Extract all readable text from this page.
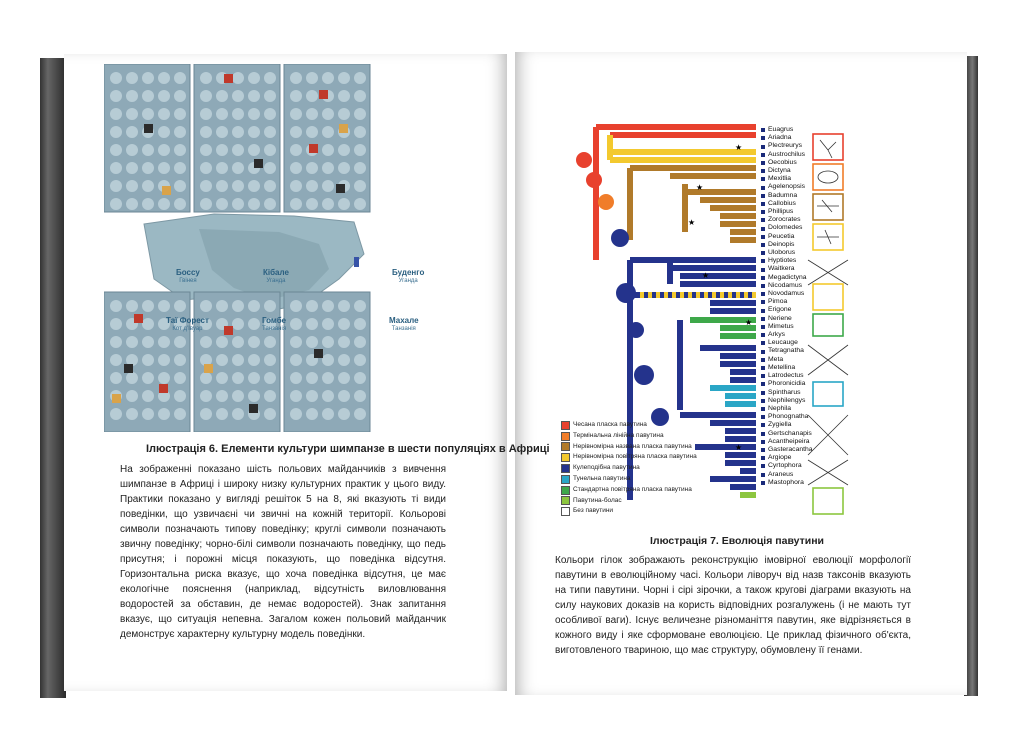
Боссу
Гвінея
Кібале
Уганда
Буденго
Уганда
Таї Форест
Кот д'Івуар
Гомбе
Танзанія
Махале
Танзанія
Ілюстрація 6. Елементи культури шимпанзе в шести популяціях в Африці
На зображенні показано шість польових майданчиків з вивчення шимпанзе в Африці і широку низку культурних практик у цього виду. Практики показано у вигляді решіток 5 на 8, які вказують ті види поведінки, що узвичаєні чи звичні на кожній території. Кольорові символи позначають типову поведінку; круглі символи позначають звичну поведінку; чорно-білі символи позначають поведінку, що педь присутня; і порожні місця показують, що поведінка відсутня. Горизонтальна риска вказує, що хоча поведінка відсутня, це має екологічне пояснення (наприклад, відсутність виловлювання водоростей за обставин, де немає водоростей). Знак запитання вказує, що ситуація непевна. Загалом кожен польовий майданчик демонструє характерну культурну модель поведінки.
★
★
★
★
★
★
Euagrus
Ariadna
Plectreurys
Austrochilus
Oecobius
Dictyna
Mexitlia
Agelenopsis
Badumna
Callobius
Phillipus
Zorocrates
Dolomedes
Peucetia
Deinopis
Uloborus
Hyptiotes
Waitkera
Megadictyna
Nicodamus
Novodamus
Pimoa
Erigone
Neriene
Mimetus
Arkys
Leucauge
Tetragnatha
Meta
Metellina
Latrodectus
Phoronicidia
Spintharus
Nephilengys
Nephila
Phonognatha
Zygiella
Gertschanapis
Acantheipeira
Gasteracantha
Argiope
Cyrtophora
Araneus
Mastophora
Чесана пласка павутина
Термінальна лінійна павутина
Нерівномірна названа пласка павутина
Нерівномірна повітряна пласка павутина
Кулеподібна павутина
Тунельна павутина
Стандартна повітряна пласка павутина
Павутина-болас
Без павутини
Ілюстрація 7. Еволюція павутини
Кольори гілок зображають реконструкцію імовірної еволюції морфології павутини в еволюційному часі. Кольори ліворуч від назв таксонів вказують на типи павутини. Чорні і сірі зірочки, а також кругові діаграми вказують на силу наукових доказів на користь відповідних розгалужень (і не мають тут особливої ваги). Існує величезне різноманіття павутин, яке відрізняється в кожного виду і яке сформоване еволюцією. Це приклад фізичного об'єкта, виготовленого твариною, що має структуру, обумовлену її генами.
